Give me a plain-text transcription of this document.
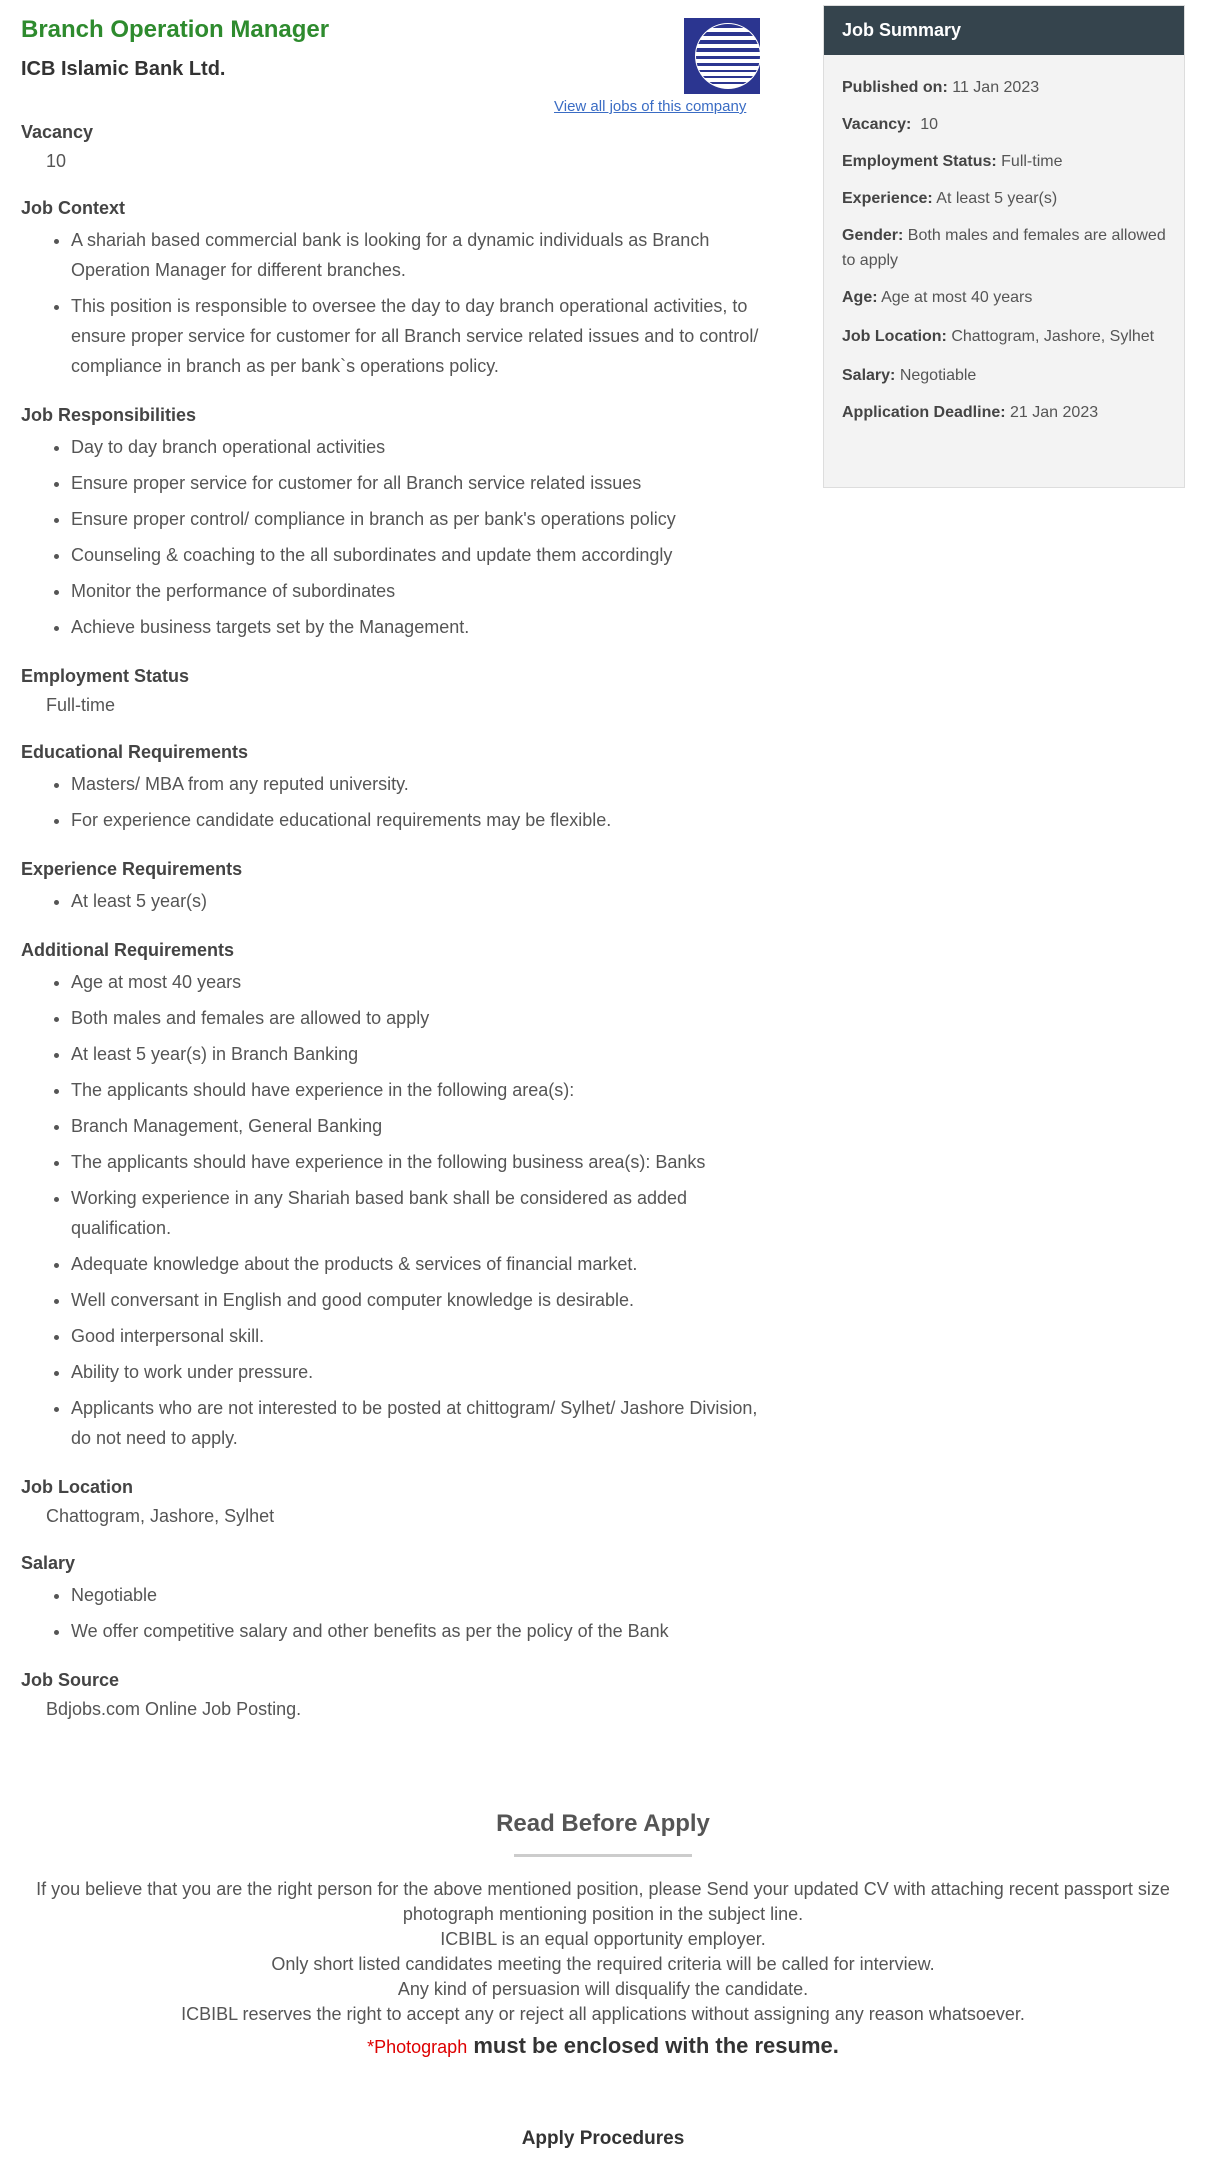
Branch Operation Manager
ICB Islamic Bank Ltd.
View all jobs of this company
Vacancy
10
Job Context
• A shariah based commercial bank is looking for a dynamic individuals as Branch Operation Manager for different branches.
• This position is responsible to oversee the day to day branch operational activities, to ensure proper service for customer for all Branch service related issues and to control/ compliance in branch as per bank`s operations policy.
Job Responsibilities
• Day to day branch operational activities
• Ensure proper service for customer for all Branch service related issues
• Ensure proper control/ compliance in branch as per bank's operations policy
• Counseling & coaching to the all subordinates and update them accordingly
• Monitor the performance of subordinates
• Achieve business targets set by the Management.
Employment Status
Full-time
Educational Requirements
• Masters/ MBA from any reputed university.
• For experience candidate educational requirements may be flexible.
Experience Requirements
• At least 5 year(s)
Additional Requirements
• Age at most 40 years
• Both males and females are allowed to apply
• At least 5 year(s) in Branch Banking
• The applicants should have experience in the following area(s):
• Branch Management, General Banking
• The applicants should have experience in the following business area(s): Banks
• Working experience in any Shariah based bank shall be considered as added qualification.
• Adequate knowledge about the products & services of financial market.
• Well conversant in English and good computer knowledge is desirable.
• Good interpersonal skill.
• Ability to work under pressure.
• Applicants who are not interested to be posted at chittogram/ Sylhet/ Jashore Division, do not need to apply.
Job Location
Chattogram, Jashore, Sylhet
Salary
• Negotiable
• We offer competitive salary and other benefits as per the policy of the Bank
Job Source
Bdjobs.com Online Job Posting.
Job Summary

Published on: 11 Jan 2023

Vacancy: 10

Employment Status: Full-time

Experience: At least 5 year(s)

Gender: Both males and females are allowed to apply

Age: Age at most 40 years

Job Location: Chattogram, Jashore, Sylhet

Salary: Negotiable

Application Deadline: 21 Jan 2023

Read Before Apply
If you believe that you are the right person for the above mentioned position, please Send your updated CV with attaching recent passport size photograph mentioning position in the subject line.
ICBIBL is an equal opportunity employer.
Only short listed candidates meeting the required criteria will be called for interview.
Any kind of persuasion will disqualify the candidate.
ICBIBL reserves the right to accept any or reject all applications without assigning any reason whatsoever.
*Photograph must be enclosed with the resume.
Apply Procedures
